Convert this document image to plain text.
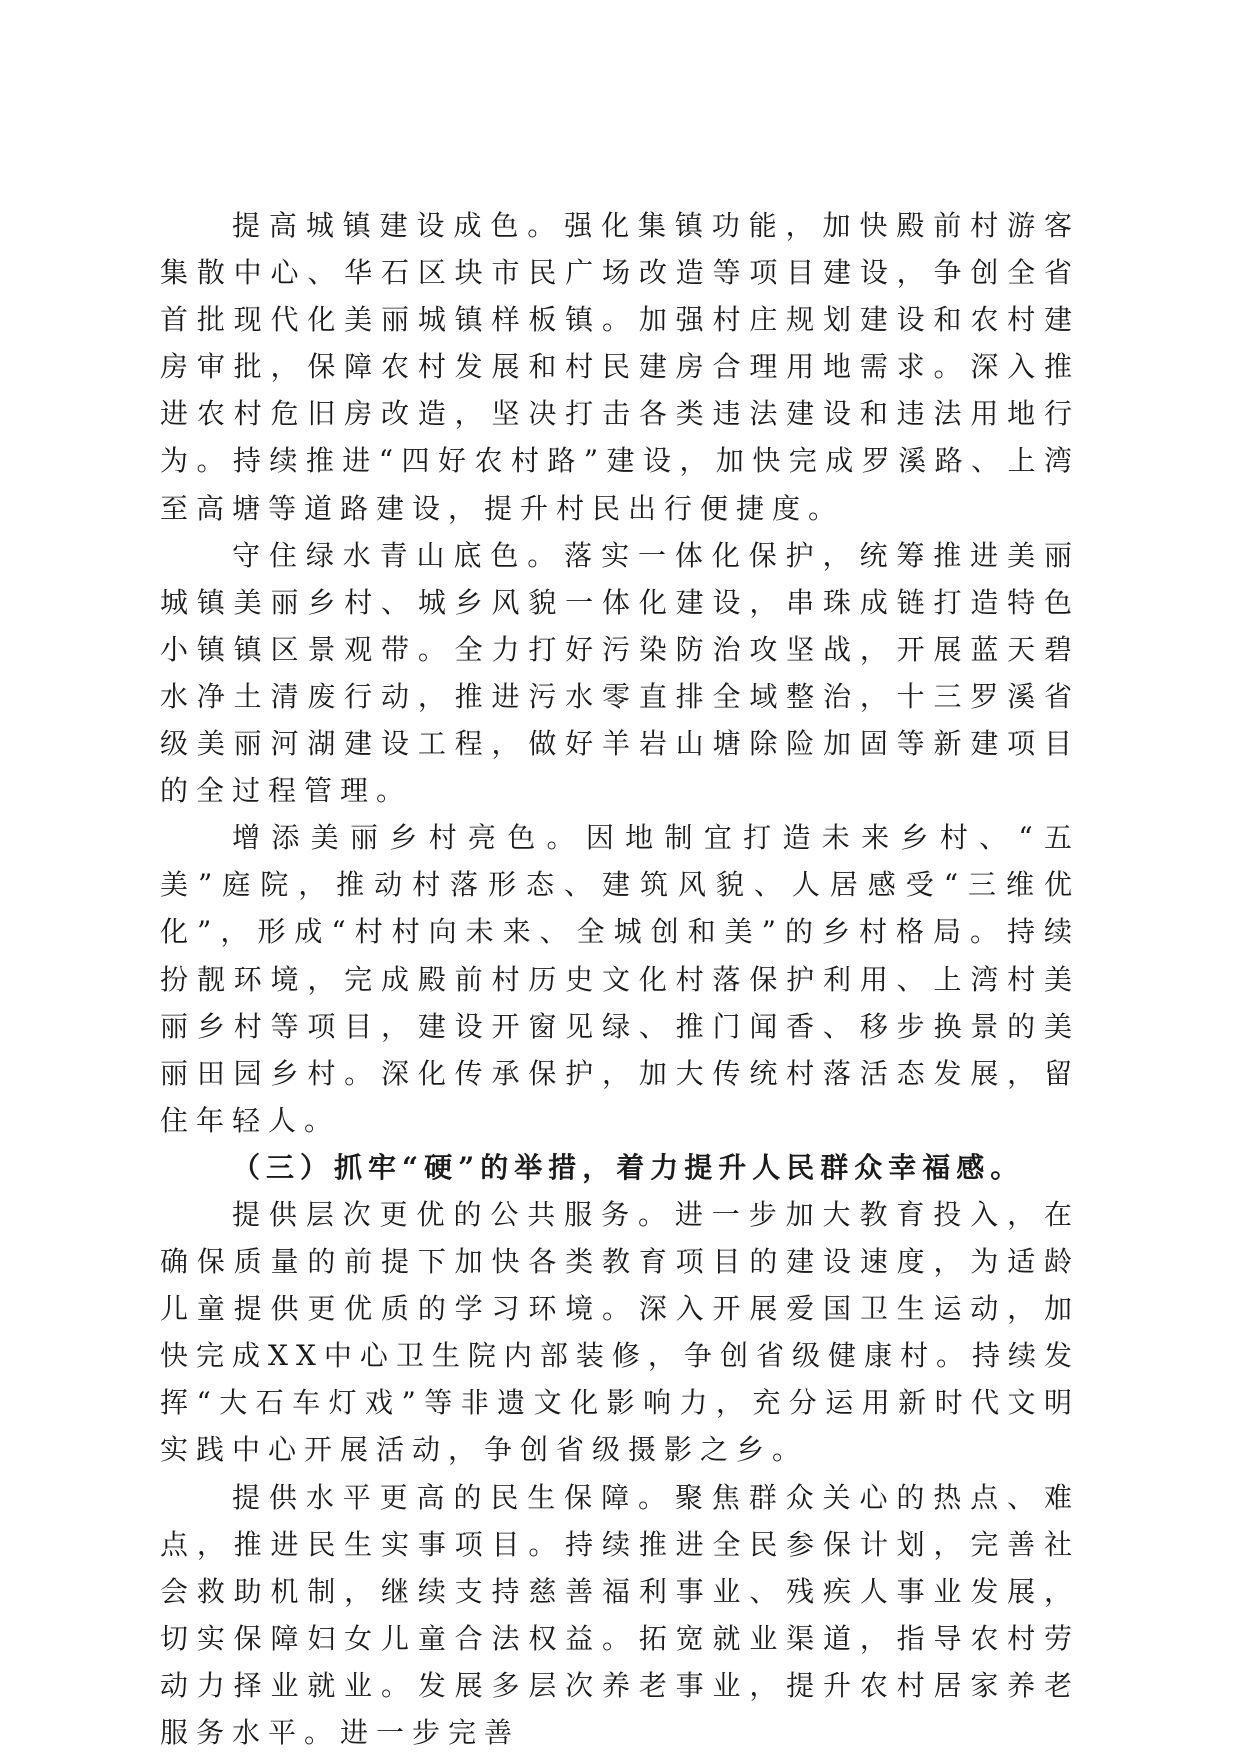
提高城镇建设成色。强化集镇功能，加快殿前村游客集散中心、华石区块市民广场改造等项目建设，争创全省首批现代化美丽城镇样板镇。加强村庄规划建设和农村建房审批，保障农村发展和村民建房合理用地需求。深入推进农村危旧房改造，坚决打击各类违法建设和违法用地行为。持续推进“四好农村路”建设，加快完成罗溪路、上湾至高塘等道路建设，提升村民出行便捷度。

守住绿水青山底色。落实一体化保护，统筹推进美丽城镇美丽乡村、城乡风貌一体化建设，串珠成链打造特色小镇镇区景观带。全力打好污染防治攻坚战，开展蓝天碧水净土清废行动，推进污水零直排全域整治，十三罗溪省级美丽河湖建设工程，做好羊岩山塘除险加固等新建项目的全过程管理。

增添美丽乡村亮色。因地制宜打造未来乡村、“五美”庭院，推动村落形态、建筑风貌、人居感受“三维优化”，形成“村村向未来、全城创和美”的乡村格局。持续扮靓环境，完成殿前村历史文化村落保护利用、上湾村美丽乡村等项目，建设开窗见绿、推门闻香、移步换景的美丽田园乡村。深化传承保护，加大传统村落活态发展，留住年轻人。

（三）抓牢“硬”的举措，着力提升人民群众幸福感。

提供层次更优的公共服务。进一步加大教育投入，在确保质量的前提下加快各类教育项目的建设速度，为适龄儿童提供更优质的学习环境。深入开展爱国卫生运动，加快完成XX中心卫生院内部装修，争创省级健康村。持续发挥“大石车灯戏”等非遗文化影响力，充分运用新时代文明实践中心开展活动，争创省级摄影之乡。

提供水平更高的民生保障。聚焦群众关心的热点、难点，推进民生实事项目。持续推进全民参保计划，完善社会救助机制，继续支持慈善福利事业、残疾人事业发展，切实保障妇女儿童合法权益。拓宽就业渠道，指导农村劳动力择业就业。发展多层次养老事业，提升农村居家养老服务水平。进一步完善
